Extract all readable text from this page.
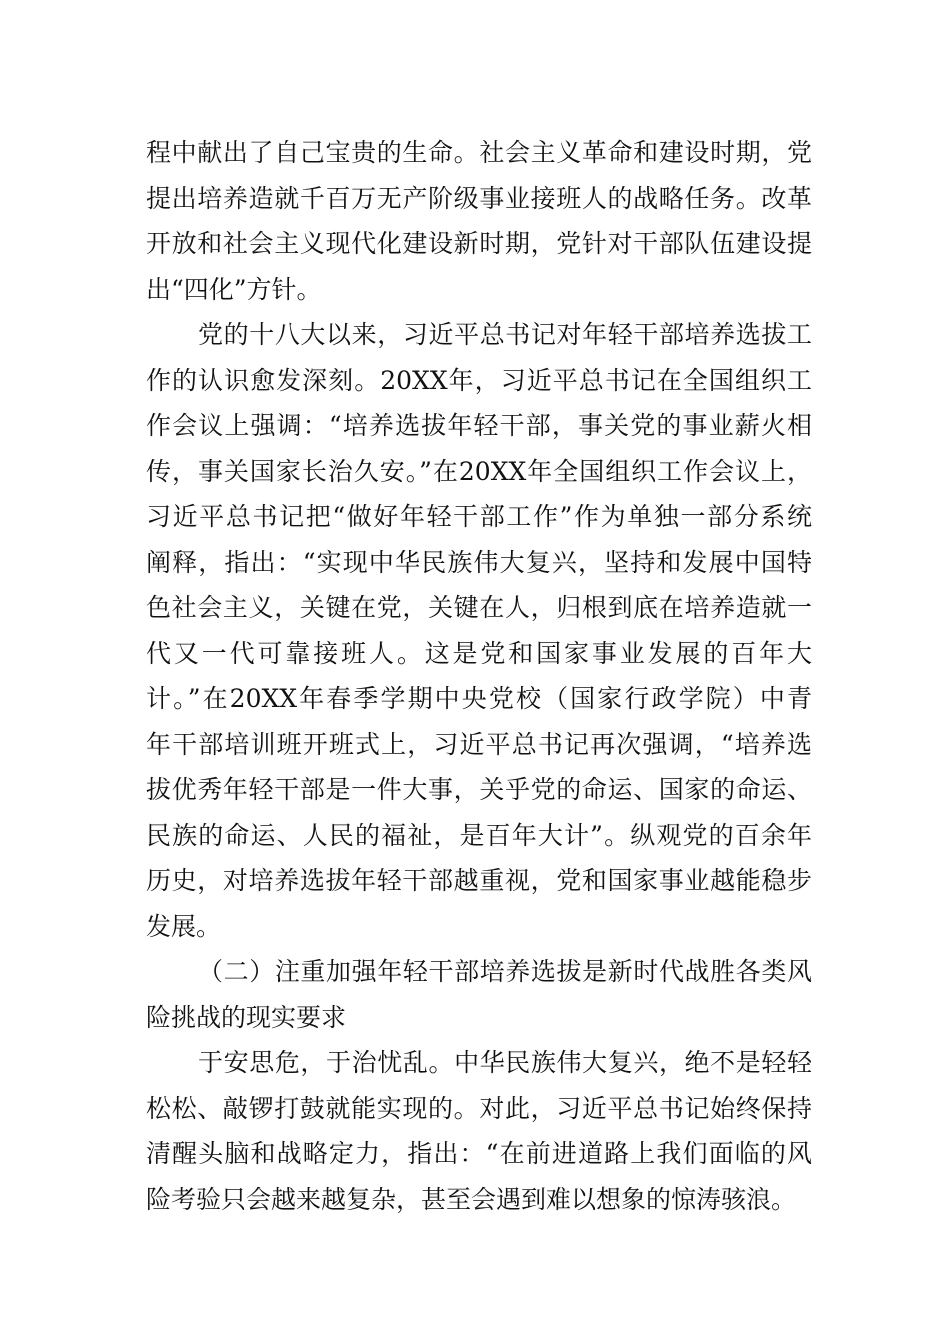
程中献出了自己宝贵的生命。社会主义革命和建设时期，党
提出培养造就千百万无产阶级事业接班人的战略任务。改革
开放和社会主义现代化建设新时期，党针对干部队伍建设提
出“四化”方针。
党的十八大以来，习近平总书记对年轻干部培养选拔工
作的认识愈发深刻。20XX年，习近平总书记在全国组织工
作会议上强调：“培养选拔年轻干部，事关党的事业薪火相
传，事关国家长治久安。”在20XX年全国组织工作会议上，
习近平总书记把“做好年轻干部工作”作为单独一部分系统
阐释，指出：“实现中华民族伟大复兴，坚持和发展中国特
色社会主义，关键在党，关键在人，归根到底在培养造就一
代又一代可靠接班人。这是党和国家事业发展的百年大
计。”在20XX年春季学期中央党校（国家行政学院）中青
年干部培训班开班式上，习近平总书记再次强调，“培养选
拔优秀年轻干部是一件大事，关乎党的命运、国家的命运、
民族的命运、人民的福祉，是百年大计”。纵观党的百余年
历史，对培养选拔年轻干部越重视，党和国家事业越能稳步
发展。
（二）注重加强年轻干部培养选拔是新时代战胜各类风
险挑战的现实要求
于安思危，于治忧乱。中华民族伟大复兴，绝不是轻轻
松松、敲锣打鼓就能实现的。对此，习近平总书记始终保持
清醒头脑和战略定力，指出：“在前进道路上我们面临的风
险考验只会越来越复杂，甚至会遇到难以想象的惊涛骇浪。
